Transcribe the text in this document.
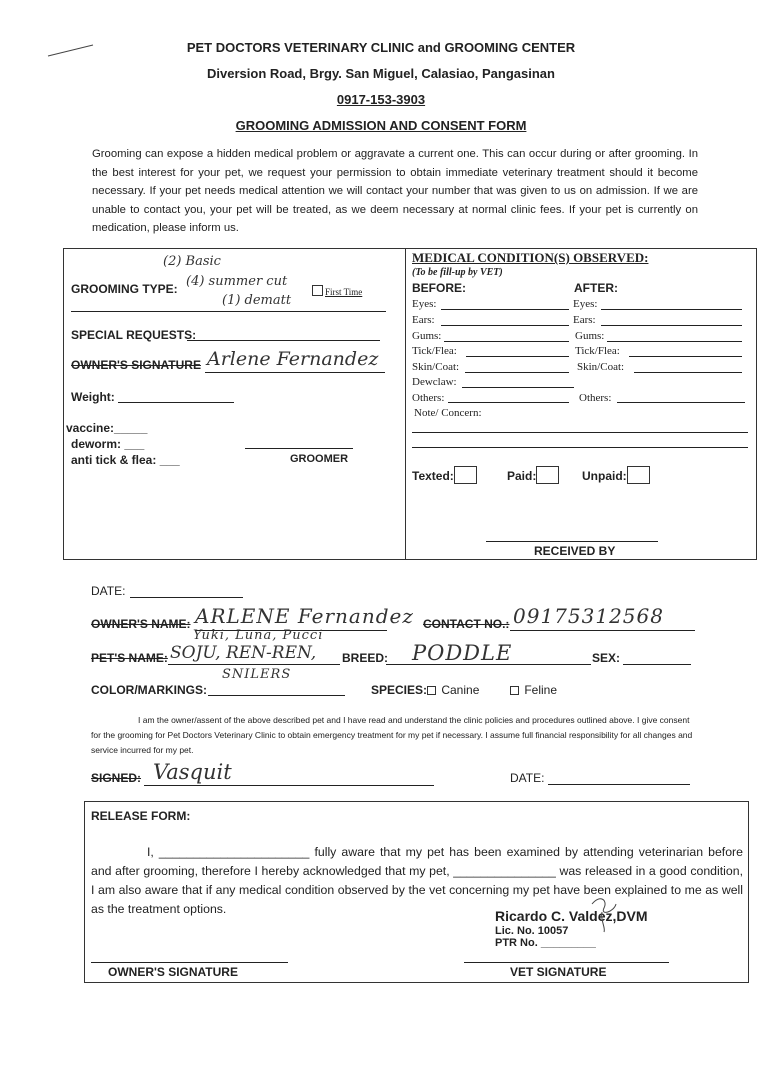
PET DOCTORS VETERINARY CLINIC and GROOMING CENTER
Diversion Road, Brgy. San Miguel, Calasiao, Pangasinan
0917-153-3903
GROOMING ADMISSION AND CONSENT FORM
Grooming can expose a hidden medical problem or aggravate a current one. This can occur during or after grooming. In the best interest for your pet, we request your permission to obtain immediate veterinary treatment should it become necessary. If your pet needs medical attention we will contact your number that was given to us on admission. If we are unable to contact you, your pet will be treated, as we deem necessary at normal clinic fees. If your pet is currently on medication, please inform us.
(2) Basic
GROOMING TYPE: (4) summer cut
First Time
(1) dematt
SPECIAL REQUESTS:
OWNER'S SIGNATURE Arlene Fernandez
Weight:
vaccine:_____
deworm: ___
anti tick & flea: ___	GROOMER
MEDICAL CONDITION(S) OBSERVED:
(To be fill-up by VET)
BEFORE:	AFTER:
Eyes:	Eyes:
Ears:	Ears:
Gums:	Gums:
Tick/Flea:	Tick/Flea:
Skin/Coat:	Skin/Coat:
Dewclaw:
Others:	Others:
Note/ Concern:
Texted:	Paid:	Unpaid:
RECEIVED BY
DATE:
OWNER'S NAME: ARLENE Fernandez CONTACT NO.: 09175312568
Yuki, Luna, Pucci
PET'S NAME: SOJU, REN-REN, BREED: PODDLE	SEX:
SNILERS
COLOR/MARKINGS:	SPECIES:	Canine	Feline
I am the owner/assent of the above described pet and I have read and understand the clinic policies and procedures outlined above. I give consent for the grooming for Pet Doctors Veterinary Clinic to obtain emergency treatment for my pet if necessary. I assume full financial responsibility for all changes and service incurred for my pet.
SIGNED: Vasquit	DATE:
RELEASE FORM:
I, ______________________ fully aware that my pet has been examined by attending veterinarian before and after grooming, therefore I hereby acknowledged that my pet, _______________ was released in a good condition, I am also aware that if any medical condition observed by the vet concerning my pet have been explained to me as well as the treatment options.	Ricardo C. Valdez,DVM
Lic. No. 10057
PTR No. _________
OWNER'S SIGNATURE	VET SIGNATURE
